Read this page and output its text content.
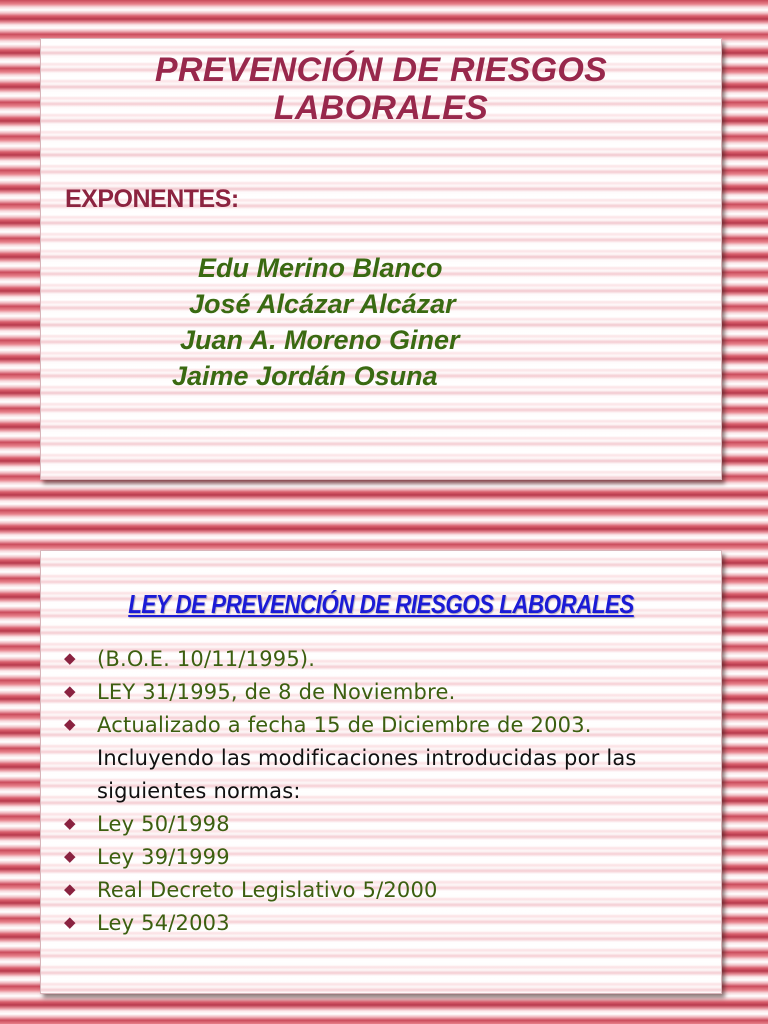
PREVENCIÓN DE RIESGOS
LABORALES
EXPONENTES:
Edu Merino Blanco
José Alcázar Alcázar
Juan A. Moreno Giner
Jaime Jordán Osuna
LEY DE PREVENCIÓN DE RIESGOS LABORALES
◆ (B.O.E. 10/11/1995).
◆ LEY 31/1995, de 8 de Noviembre.
◆ Actualizado a fecha 15 de Diciembre de 2003.
Incluyendo las modificaciones introducidas por las
siguientes normas:
◆ Ley 50/1998
◆ Ley 39/1999
◆ Real Decreto Legislativo 5/2000
◆ Ley 54/2003
